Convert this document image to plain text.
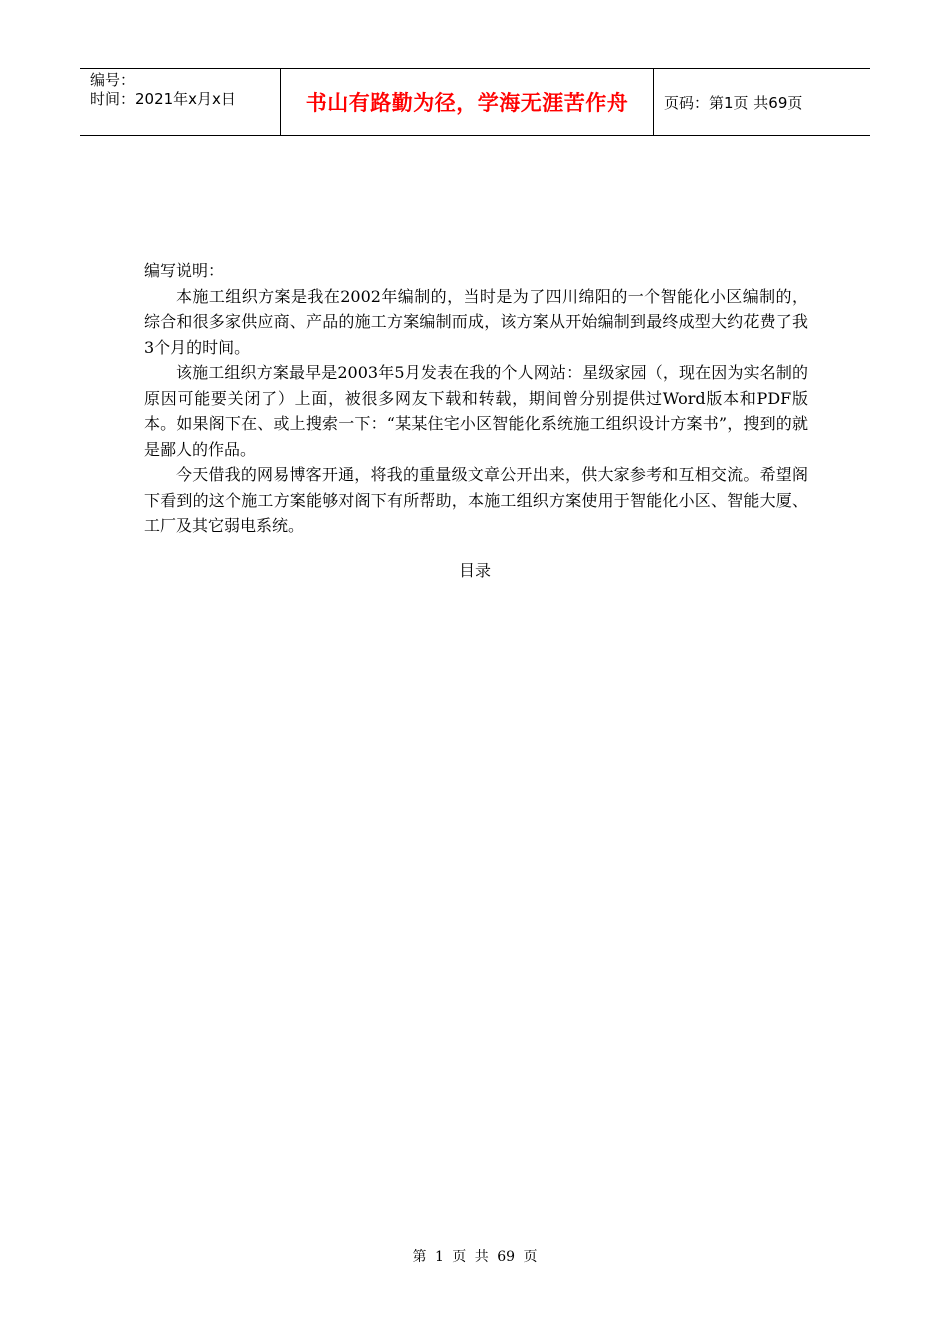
编号：
时间：2021年x月x日	书山有路勤为径，学海无涯苦作舟	页码：第1页 共69页

编写说明：

本施工组织方案是我在2002年编制的，当时是为了四川绵阳的一个智能化小区编制的，综合和很多家供应商、产品的施工方案编制而成，该方案从开始编制到最终成型大约花费了我3个月的时间。

该施工组织方案最早是2003年5月发表在我的个人网站：星级家园（，现在因为实名制的原因可能要关闭了）上面，被很多网友下载和转载，期间曾分别提供过Word版本和PDF版本。如果阁下在、或上搜索一下：“某某住宅小区智能化系统施工组织设计方案书”，搜到的就是鄙人的作品。

今天借我的网易博客开通，将我的重量级文章公开出来，供大家参考和互相交流。希望阁下看到的这个施工方案能够对阁下有所帮助，本施工组织方案使用于智能化小区、智能大厦、工厂及其它弱电系统。

目录
第 1 页 共 69 页
